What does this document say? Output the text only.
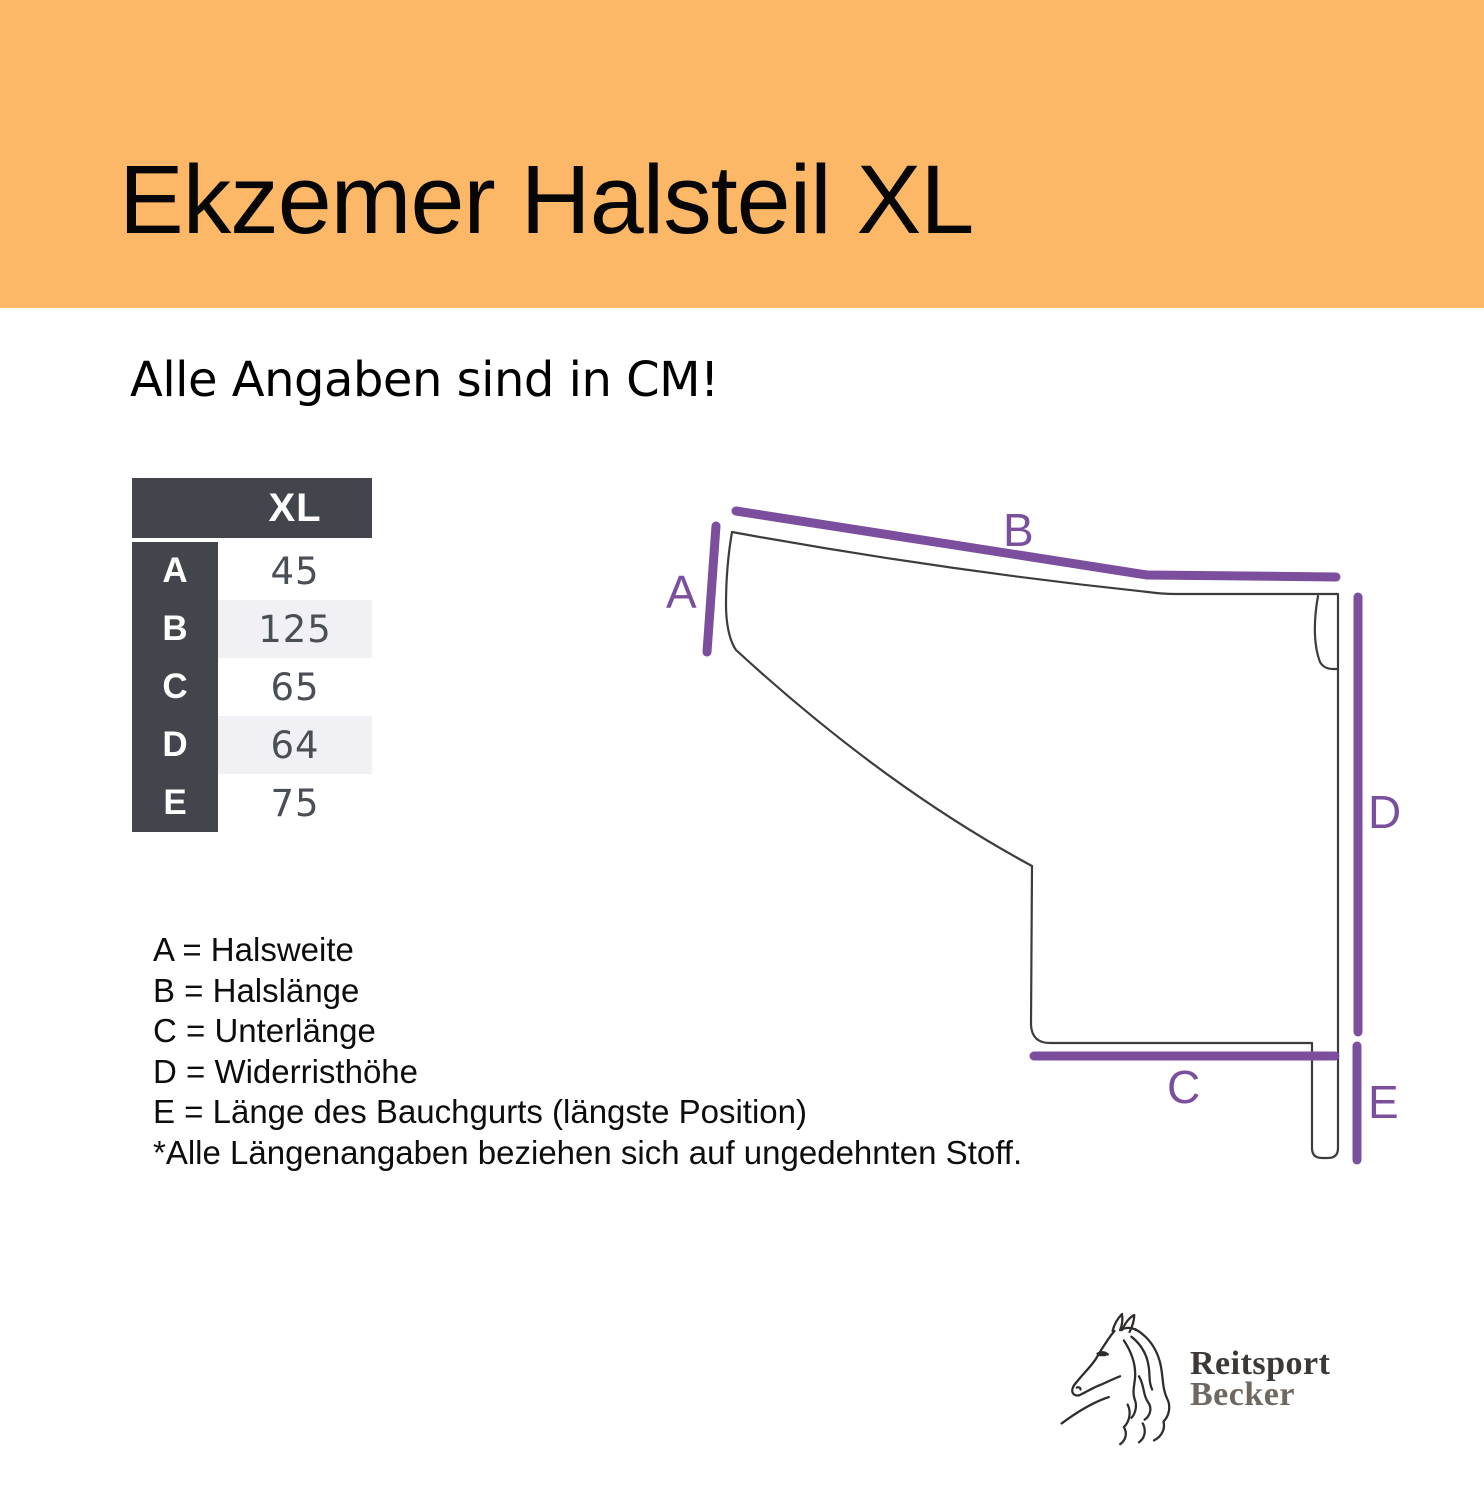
Ekzemer Halsteil XL
Alle Angaben sind in CM!
XL
A	45
B	125
C	65
D	64
E	75
A
B
C
D
E
A = Halsweite
B = Halslänge
C = Unterlänge
D = Widerristhöhe
E = Länge des Bauchgurts (längste Position)
*Alle Längenangaben beziehen sich auf ungedehnten Stoff.
Reitsport
Becker
